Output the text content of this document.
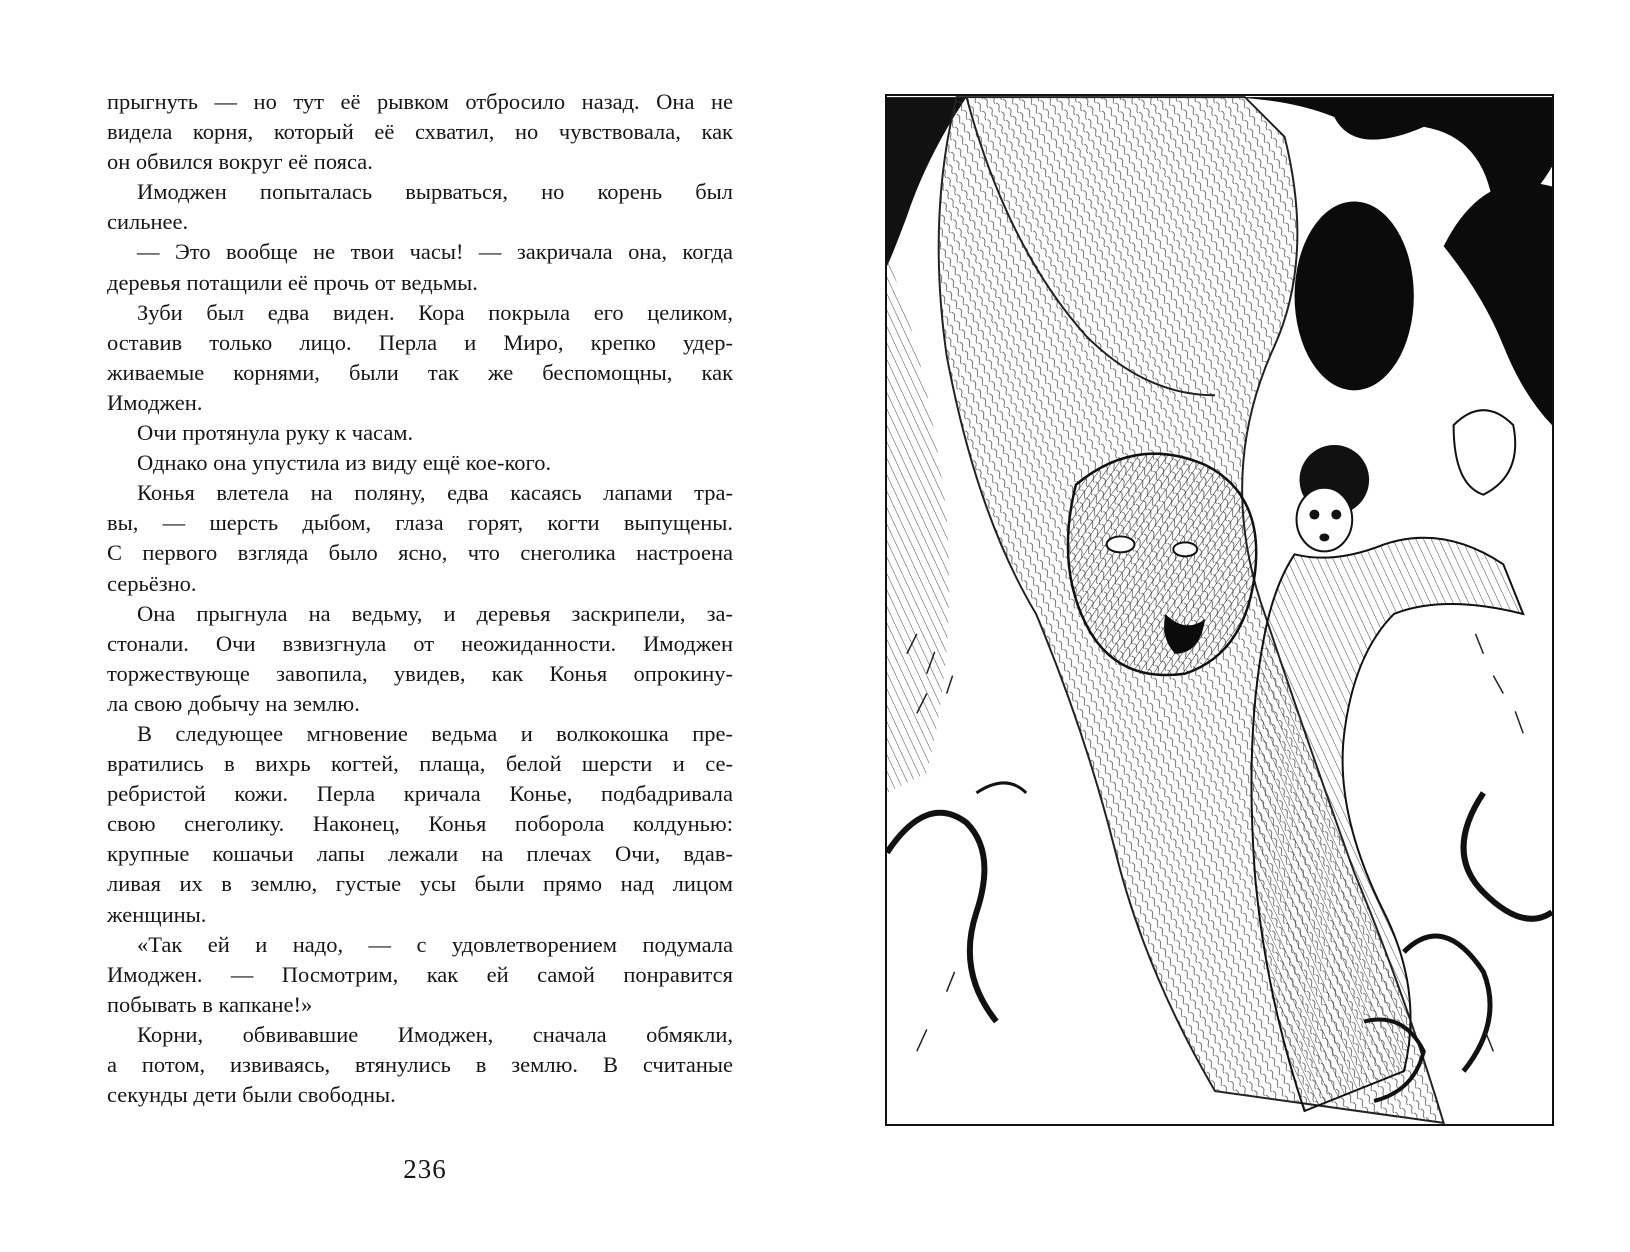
прыгнуть — но тут её рывком отбросило назад. Она не
видела корня, который её схватил, но чувствовала, как
он обвился вокруг её пояса.
Имоджен попыталась вырваться, но корень был
сильнее.
— Это вообще не твои часы! — закричала она, когда
деревья потащили её прочь от ведьмы.
Зуби был едва виден. Кора покрыла его целиком,
оставив только лицо. Перла и Миро, крепко удер-
живаемые корнями, были так же беспомощны, как
Имоджен.
Очи протянула руку к часам.
Однако она упустила из виду ещё кое-кого.
Конья влетела на поляну, едва касаясь лапами тра-
вы, — шерсть дыбом, глаза горят, когти выпущены.
С первого взгляда было ясно, что снеголика настроена
серьёзно.
Она прыгнула на ведьму, и деревья заскрипели, за-
стонали. Очи взвизгнула от неожиданности. Имоджен
торжествующе завопила, увидев, как Конья опрокину-
ла свою добычу на землю.
В следующее мгновение ведьма и волкокошка пре-
вратились в вихрь когтей, плаща, белой шерсти и се-
ребристой кожи. Перла кричала Конье, подбадривала
свою снеголику. Наконец, Конья поборола колдунью:
крупные кошачьи лапы лежали на плечах Очи, вдав-
ливая их в землю, густые усы были прямо над лицом
женщины.
«Так ей и надо, — с удовлетворением подумала
Имоджен. — Посмотрим, как ей самой понравится
побывать в капкане!»
Корни, обвивавшие Имоджен, сначала обмякли,
а потом, извиваясь, втянулись в землю. В считаные
секунды дети были свободны.
236
